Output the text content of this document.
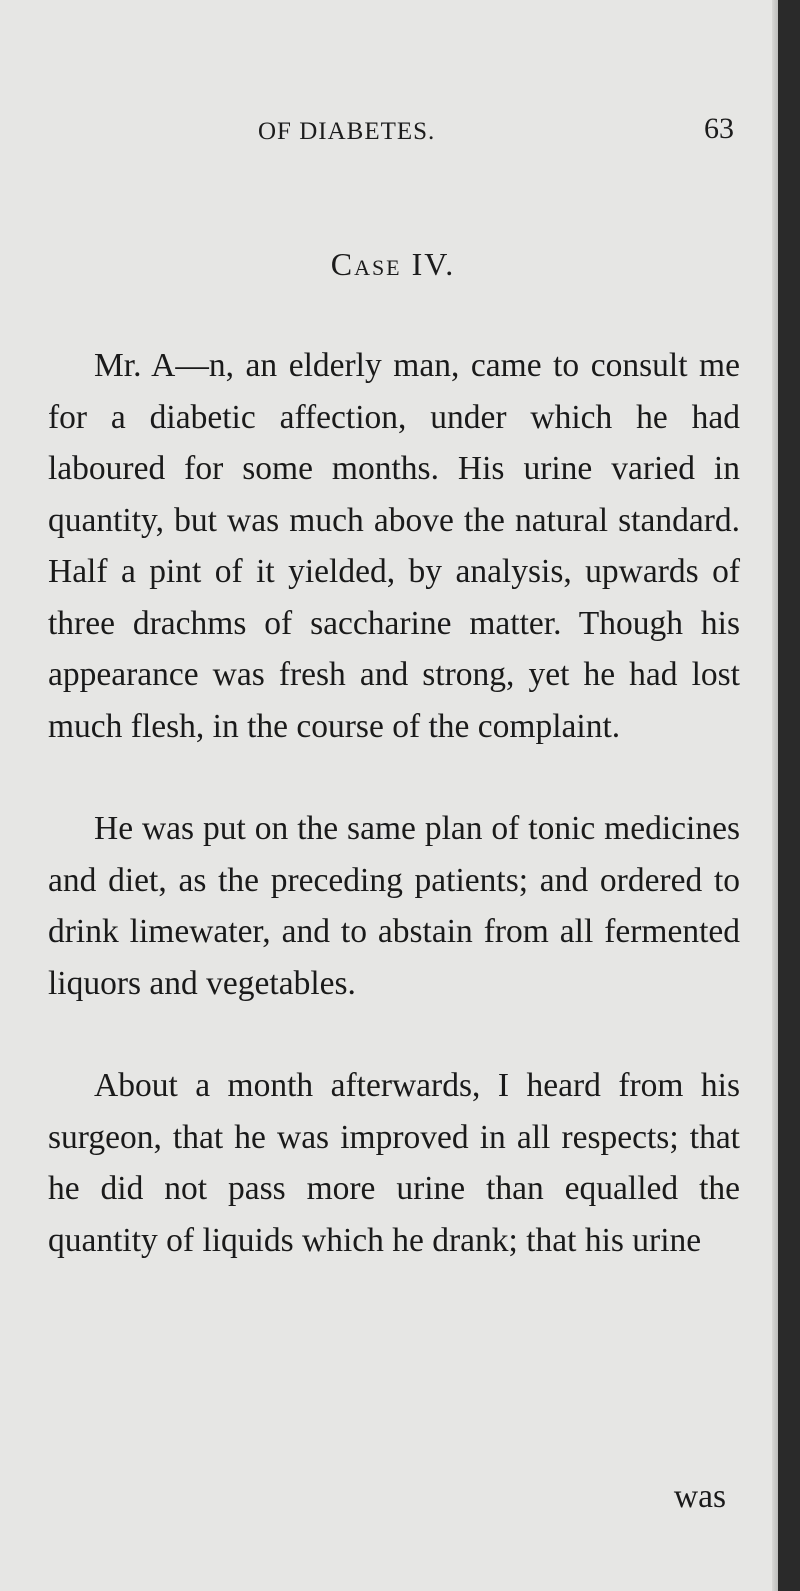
OF DIABETES.	63
Case IV.

Mr. A—n, an elderly man, came to consult me for a diabetic affection, under which he had laboured for some months. His urine varied in quantity, but was much above the natural standard. Half a pint of it yielded, by analysis, upwards of three drachms of saccharine matter. Though his appearance was fresh and strong, yet he had lost much flesh, in the course of the complaint.

He was put on the same plan of tonic medicines and diet, as the preceding patients; and ordered to drink limewater, and to abstain from all fermented liquors and vegetables.

About a month afterwards, I heard from his surgeon, that he was improved in all respects; that he did not pass more urine than equalled the quantity of liquids which he drank; that his urine

was
